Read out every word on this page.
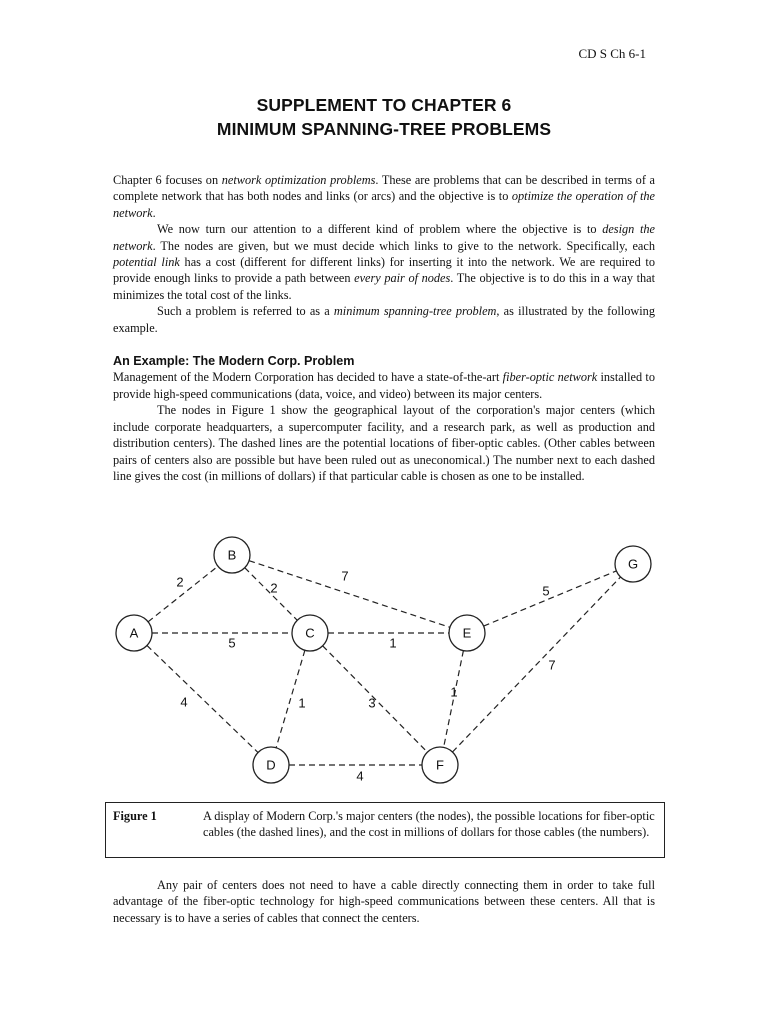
CD S Ch 6-1
SUPPLEMENT TO CHAPTER 6
MINIMUM SPANNING-TREE PROBLEMS

Chapter 6 focuses on network optimization problems. These are problems that can be described in terms of a complete network that has both nodes and links (or arcs) and the objective is to optimize the operation of the network.

We now turn our attention to a different kind of problem where the objective is to design the network. The nodes are given, but we must decide which links to give to the network. Specifically, each potential link has a cost (different for different links) for inserting it into the network. We are required to provide enough links to provide a path between every pair of nodes. The objective is to do this in a way that minimizes the total cost of the links.

Such a problem is referred to as a minimum spanning-tree problem, as illustrated by the following example.

An Example: The Modern Corp. Problem

Management of the Modern Corporation has decided to have a state-of-the-art fiber-optic network installed to provide high-speed communications (data, voice, and video) between its major centers.

The nodes in Figure 1 show the geographical layout of the corporation's major centers (which include corporate headquarters, a supercomputer facility, and a research park, as well as production and distribution centers). The dashed lines are the potential locations of fiber-optic cables. (Other cables between pairs of centers also are possible but have been ruled out as uneconomical.) The number next to each dashed line gives the cost (in millions of dollars) if that particular cable is chosen as one to be installed.

2
5
4
2
7
1
1
3
4
1
5
7
A
B
C
D
E
F
G
Figure 1	A display of Modern Corp.'s major centers (the nodes), the possible locations for fiber-optic cables (the dashed lines), and the cost in millions of dollars for those cables (the numbers).

Any pair of centers does not need to have a cable directly connecting them in order to take full advantage of the fiber-optic technology for high-speed communications between these centers. All that is necessary is to have a series of cables that connect the centers.
